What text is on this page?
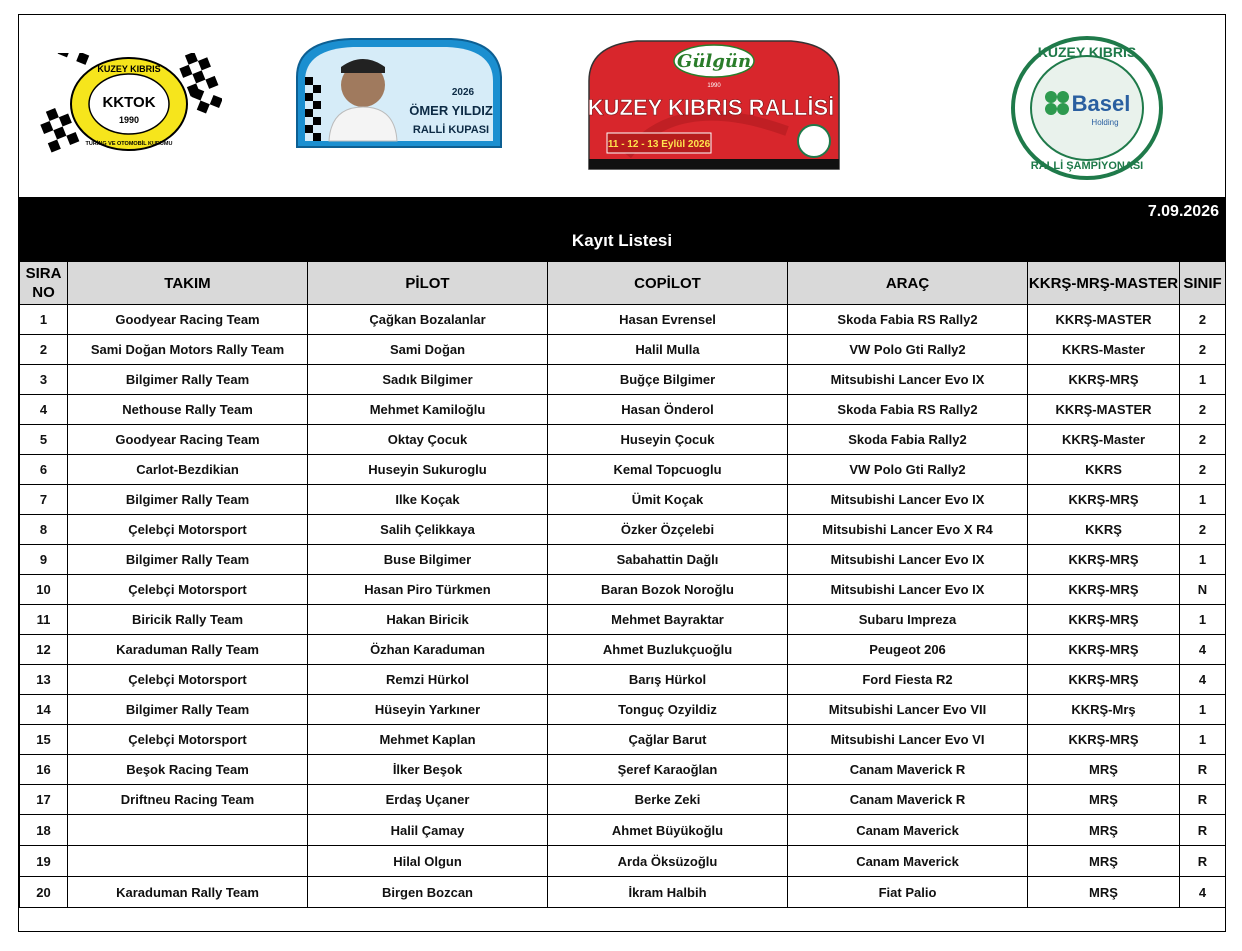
KUZEY KIBRIS
KKTOK
1990
TURİNG VE OTOMOBİL KURUMU
2026
ÖMER YILDIZ
RALLİ KUPASI
Gülgün
1990
KUZEY KIBRIS RALLİSİ
11 - 12 - 13 Eylül 2026
KUZEY KIBRIS
Basel
Holding
RALLİ ŞAMPİYONASI
7.09.2026
Kayıt Listesi
SIRA NO	TAKIM	PİLOT	COPİLOT	ARAÇ	KKRŞ-MRŞ-MASTER	SINIF
1	Goodyear Racing Team	Çağkan Bozalanlar	Hasan Evrensel	Skoda Fabia RS Rally2	KKRŞ-MASTER	2
2	Sami Doğan Motors Rally Team	Sami Doğan	Halil Mulla	VW Polo Gti Rally2	KKRS-Master	2
3	Bilgimer Rally Team	Sadık Bilgimer	Buğçe Bilgimer	Mitsubishi Lancer Evo IX	KKRŞ-MRŞ	1
4	Nethouse Rally Team	Mehmet Kamiloğlu	Hasan Önderol	Skoda Fabia RS Rally2	KKRŞ-MASTER	2
5	Goodyear Racing Team	Oktay Çocuk	Huseyin Çocuk	Skoda Fabia Rally2	KKRŞ-Master	2
6	Carlot-Bezdikian	Huseyin Sukuroglu	Kemal Topcuoglu	VW Polo Gti Rally2	KKRS	2
7	Bilgimer Rally Team	Ilke Koçak	Ümit Koçak	Mitsubishi Lancer Evo IX	KKRŞ-MRŞ	1
8	Çelebçi Motorsport	Salih Çelikkaya	Özker Özçelebi	Mitsubishi Lancer Evo X R4	KKRŞ	2
9	Bilgimer Rally Team	Buse Bilgimer	Sabahattin Dağlı	Mitsubishi Lancer Evo IX	KKRŞ-MRŞ	1
10	Çelebçi Motorsport	Hasan Piro Türkmen	Baran Bozok Noroğlu	Mitsubishi Lancer Evo IX	KKRŞ-MRŞ	N
11	Biricik Rally Team	Hakan Biricik	Mehmet Bayraktar	Subaru Impreza	KKRŞ-MRŞ	1
12	Karaduman Rally Team	Özhan Karaduman	Ahmet Buzlukçuoğlu	Peugeot 206	KKRŞ-MRŞ	4
13	Çelebçi Motorsport	Remzi Hürkol	Barış Hürkol	Ford Fiesta R2	KKRŞ-MRŞ	4
14	Bilgimer Rally Team	Hüseyin Yarkıner	Tonguç Ozyildiz	Mitsubishi Lancer Evo VII	KKRŞ-Mrş	1
15	Çelebçi Motorsport	Mehmet Kaplan	Çağlar Barut	Mitsubishi Lancer Evo VI	KKRŞ-MRŞ	1
16	Beşok Racing Team	İlker Beşok	Şeref Karaoğlan	Canam Maverick R	MRŞ	R
17	Driftneu Racing Team	Erdaş Uçaner	Berke Zeki	Canam Maverick R	MRŞ	R
18		Halil Çamay	Ahmet Büyükoğlu	Canam Maverick	MRŞ	R
19		Hilal Olgun	Arda Öksüzoğlu	Canam Maverick	MRŞ	R
20	Karaduman Rally Team	Birgen Bozcan	İkram Halbih	Fiat Palio	MRŞ	4
